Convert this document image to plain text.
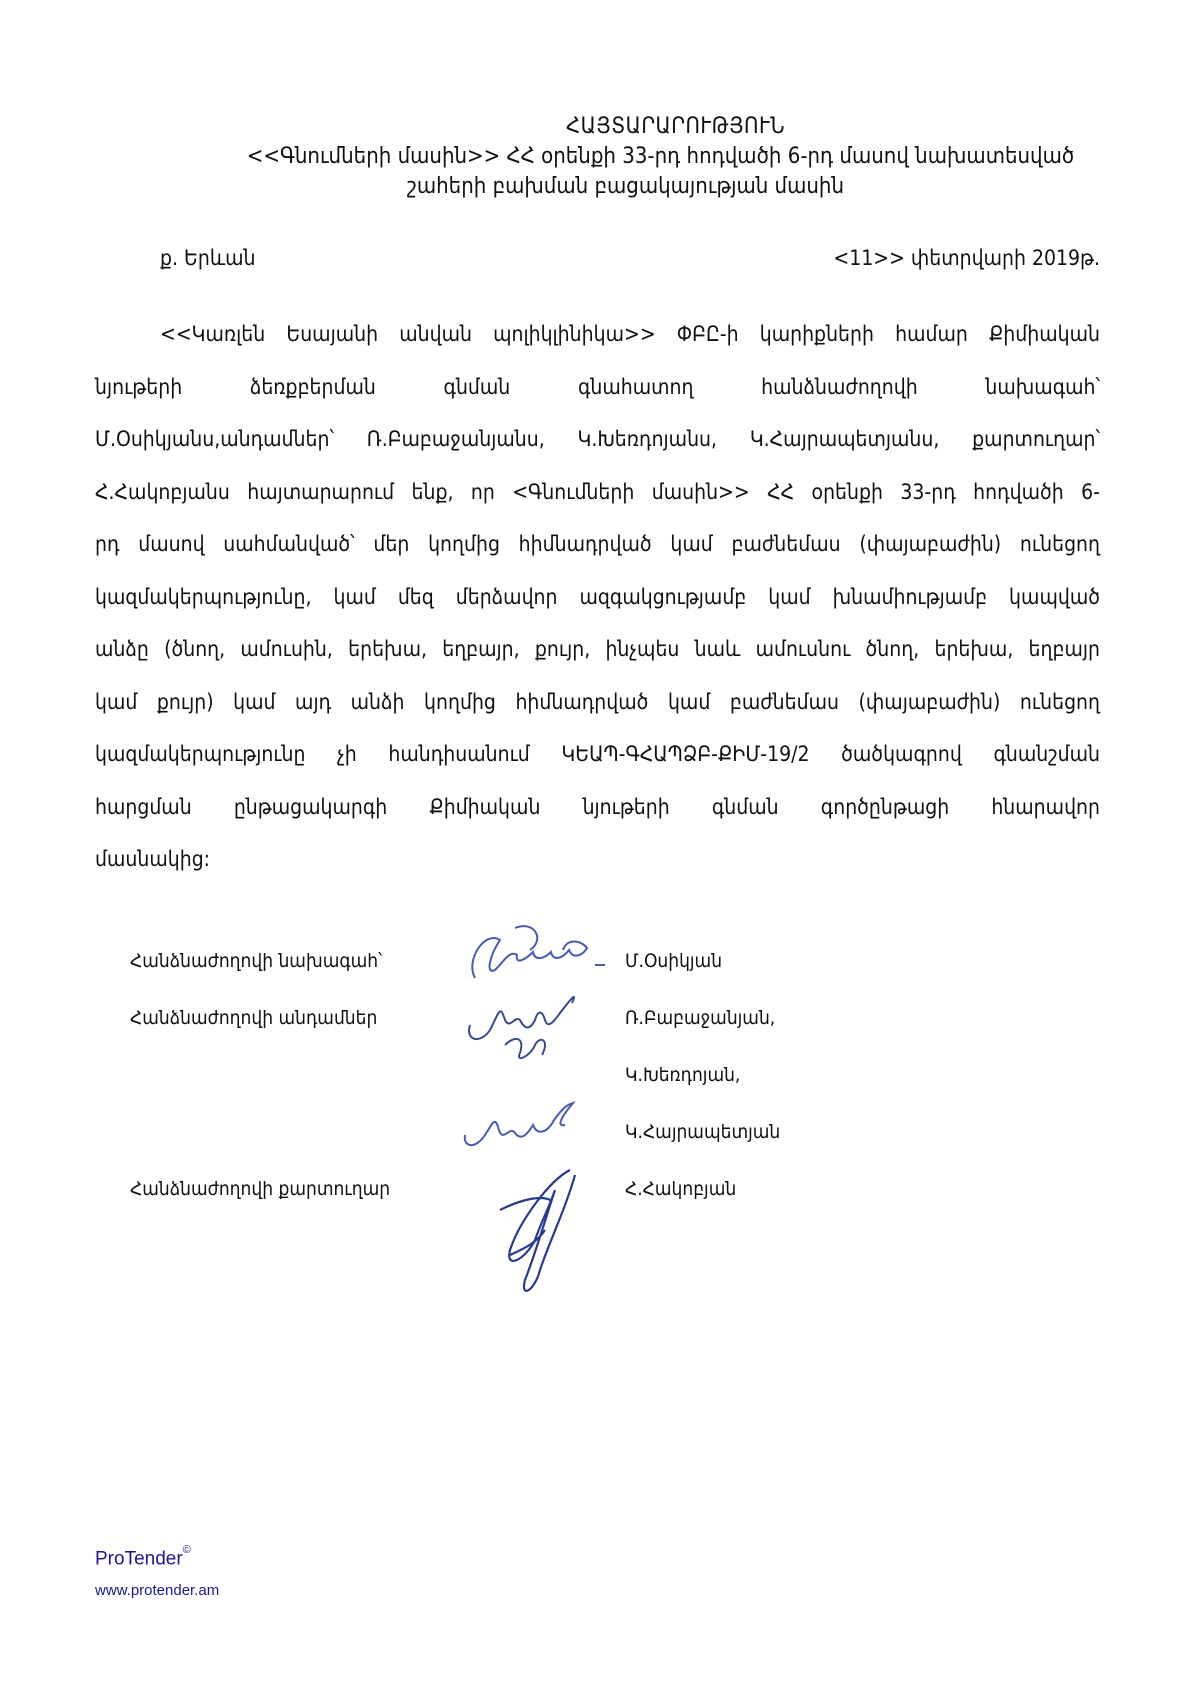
ՀԱՅՏԱՐԱՐՈՒԹՅՈՒՆ
<<Գնումների մասին>> ՀՀ օրենքի 33-րդ հոդվածի 6-րդ մասով նախատեսված
շահերի բախման բացակայության մասին
ք. Երևան	<11>> փետրվարի 2019թ.
<<Կառլեն Եսայանի անվան պոլիկլինիկա>> ՓԲԸ-ի կարիքների համար Քիմիական
նյութերի ձեռքբերման գնման գնահատող հանձնաժողովի նախագահ՝
Մ.Օսիկյանս,անդամներ՝ Ռ.Բաբաջանյանս, Կ.Խեռդոյանս, Կ.Հայրապետյանս, քարտուղար՝
Հ.Հակոբյանս հայտարարում ենք, որ <Գնումների մասին>> ՀՀ օրենքի 33-րդ հոդվածի 6-
րդ մասով սահմանված՝ մեր կողմից հիմնադրված կամ բաժնեմաս (փայաբաժին) ունեցող
կազմակերպությունը, կամ մեզ մերձավոր ազգակցությամբ կամ խնամիությամբ կապված
անձը (ծնող, ամուսին, երեխա, եղբայր, քույր, ինչպես նաև ամուսնու ծնող, երեխա, եղբայր
կամ քույր) կամ այդ անձի կողմից հիմնադրված կամ բաժնեմաս (փայաբաժին) ունեցող
կազմակերպությունը չի հանդիսանում ԿԵԱՊ-ԳՀԱՊՁԲ-ՔԻՄ-19/2 ծածկագրով գնանշման
հարցման ընթացակարգի Քիմիական նյութերի գնման գործընթացի հնարավոր
մասնակից:
Հանձնաժողովի նախագահ՝	Մ.Օսիկյան
Հանձնաժողովի անդամներ	Ռ.Բաբաջանյան,
Կ.Խեռդոյան,
Կ.Հայրապետյան
Հանձնաժողովի քարտուղար	Հ.Հակոբյան
ProTender©
www.protender.am
